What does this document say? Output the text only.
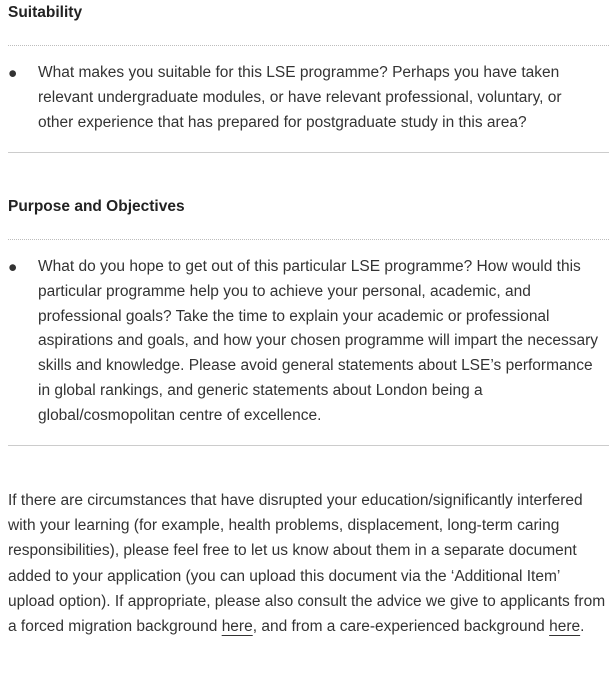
Suitability
● What makes you suitable for this LSE programme? Perhaps you have taken relevant undergraduate modules, or have relevant professional, voluntary, or other experience that has prepared for postgraduate study in this area?

Purpose and Objectives
● What do you hope to get out of this particular LSE programme? How would this particular programme help you to achieve your personal, academic, and professional goals? Take the time to explain your academic or professional aspirations and goals, and how your chosen programme will impart the necessary skills and knowledge. Please avoid general statements about LSE’s performance in global rankings, and generic statements about London being a global/cosmopolitan centre of excellence.

If there are circumstances that have disrupted your education/significantly interfered with your learning (for example, health problems, displacement, long-term caring responsibilities), please feel free to let us know about them in a separate document added to your application (you can upload this document via the ‘Additional Item’ upload option). If appropriate, please also consult the advice we give to applicants from a forced migration background here, and from a care-experienced background here.
